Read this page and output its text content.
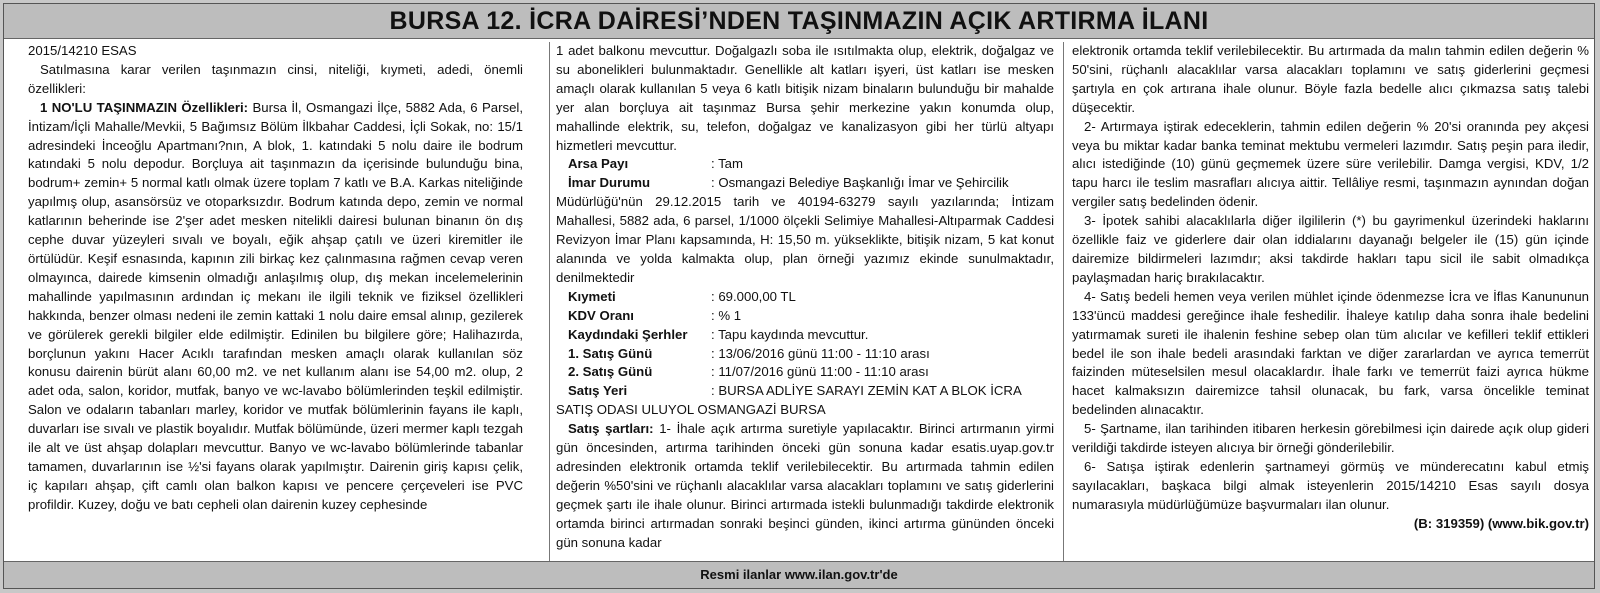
BURSA 12. İCRA DAİRESİ’NDEN TAŞINMAZIN AÇIK ARTIRMA İLANI

2015/14210 ESAS

Satılmasına karar verilen taşınmazın cinsi, niteliği, kıymeti, adedi, önemli özellikleri:

1 NO'LU TAŞINMAZIN Özellikleri: Bursa İl, Osmangazi İlçe, 5882 Ada, 6 Parsel, İntizam/İçli Mahalle/Mevkii, 5 Bağımsız Bölüm İlkbahar Caddesi, İçli Sokak, no: 15/1 adresindeki İnceoğlu Apartmanı?nın, A blok, 1. katındaki 5 nolu daire ile bodrum katındaki 5 nolu depodur. Borçluya ait taşınmazın da içerisinde bulunduğu bina, bodrum+ zemin+ 5 normal katlı olmak üzere toplam 7 katlı ve B.A. Karkas niteliğinde yapılmış olup, asansörsüz ve otoparksızdır. Bodrum katında depo, zemin ve normal katlarının beherinde ise 2'şer adet mesken nitelikli dairesi bulunan binanın ön dış cephe duvar yüzeyleri sıvalı ve boyalı, eğik ahşap çatılı ve üzeri kiremitler ile örtülüdür. Keşif esnasında, kapının zili birkaç kez çalınmasına rağmen cevap veren olmayınca, dairede kimsenin olmadığı anlaşılmış olup, dış mekan incelemelerinin mahallinde yapılmasının ardından iç mekanı ile ilgili teknik ve fiziksel özellikleri hakkında, benzer olması nedeni ile zemin kattaki 1 nolu daire emsal alınıp, gezilerek ve görülerek gerekli bilgiler elde edilmiştir. Edinilen bu bilgilere göre; Halihazırda, borçlunun yakını Hacer Acıklı tarafından mesken amaçlı olarak kullanılan söz konusu dairenin bürüt alanı 60,00 m2. ve net kullanım alanı ise 54,00 m2. olup, 2 adet oda, salon, koridor, mutfak, banyo ve wc-lavabo bölümlerinden teşkil edilmiştir. Salon ve odaların tabanları marley, koridor ve mutfak bölümlerinin fayans ile kaplı, duvarları ise sıvalı ve plastik boyalıdır. Mutfak bölümünde, üzeri mermer kaplı tezgah ile alt ve üst ahşap dolapları mevcuttur. Banyo ve wc-lavabo bölümlerinde tabanlar tamamen, duvarlarının ise ½'si fayans olarak yapılmıştır. Dairenin giriş kapısı çelik, iç kapıları ahşap, çift camlı olan balkon kapısı ve pencere çerçeveleri ise PVC profildir. Kuzey, doğu ve batı cepheli olan dairenin kuzey cephesinde

1 adet balkonu mevcuttur. Doğalgazlı soba ile ısıtılmakta olup, elektrik, doğalgaz ve su abonelikleri bulunmaktadır. Genellikle alt katları işyeri, üst katları ise mesken amaçlı olarak kullanılan 5 veya 6 katlı bitişik nizam binaların bulunduğu bir mahalde yer alan borçluya ait taşınmaz Bursa şehir merkezine yakın konumda olup, mahallinde elektrik, su, telefon, doğalgaz ve kanalizasyon gibi her türlü altyapı hizmetleri mevcuttur.

Arsa Payı	: Tam
İmar Durumu	: Osmangazi Belediye Başkanlığı İmar ve Şehircilik

Müdürlüğü'nün 29.12.2015 tarih ve 40194-63279 sayılı yazılarında; İntizam Mahallesi, 5882 ada, 6 parsel, 1/1000 ölçekli Selimiye Mahallesi-Altıparmak Caddesi Revizyon İmar Planı kapsamında, H: 15,50 m. yükseklikte, bitişik nizam, 5 kat konut alanında ve yolda kalmakta olup, plan örneği yazımız ekinde sunulmaktadır, denilmektedir

Kıymeti	: 69.000,00 TL
KDV Oranı	: % 1
Kaydındaki Şerhler	: Tapu kaydında mevcuttur.
1. Satış Günü	: 13/06/2016 günü 11:00 - 11:10 arası
2. Satış Günü	: 11/07/2016 günü 11:00 - 11:10 arası
Satış Yeri	: BURSA ADLİYE SARAYI ZEMİN KAT A BLOK İCRA

SATIŞ ODASI ULUYOL OSMANGAZİ BURSA

Satış şartları: 1- İhale açık artırma suretiyle yapılacaktır. Birinci artırmanın yirmi gün öncesinden, artırma tarihinden önceki gün sonuna kadar esatis.uyap.gov.tr adresinden elektronik ortamda teklif verilebilecektir. Bu artırmada tahmin edilen değerin %50'sini ve rüçhanlı alacaklılar varsa alacakları toplamını ve satış giderlerini geçmek şartı ile ihale olunur. Birinci artırmada istekli bulunmadığı takdirde elektronik ortamda birinci artırmadan sonraki beşinci günden, ikinci artırma gününden önceki gün sonuna kadar

elektronik ortamda teklif verilebilecektir. Bu artırmada da malın tahmin edilen değerin % 50'sini, rüçhanlı alacaklılar varsa alacakları toplamını ve satış giderlerini geçmesi şartıyla en çok artırana ihale olunur. Böyle fazla bedelle alıcı çıkmazsa satış talebi düşecektir.

2- Artırmaya iştirak edeceklerin, tahmin edilen değerin % 20'si oranında pey akçesi veya bu miktar kadar banka teminat mektubu vermeleri lazımdır. Satış peşin para iledir, alıcı istediğinde (10) günü geçmemek üzere süre verilebilir. Damga vergisi, KDV, 1/2 tapu harcı ile teslim masrafları alıcıya aittir. Tellâliye resmi, taşınmazın aynından doğan vergiler satış bedelinden ödenir.

3- İpotek sahibi alacaklılarla diğer ilgililerin (*) bu gayrimenkul üzerindeki haklarını özellikle faiz ve giderlere dair olan iddialarını dayanağı belgeler ile (15) gün içinde dairemize bildirmeleri lazımdır; aksi takdirde hakları tapu sicil ile sabit olmadıkça paylaşmadan hariç bırakılacaktır.

4- Satış bedeli hemen veya verilen mühlet içinde ödenmezse İcra ve İflas Kanununun 133'üncü maddesi gereğince ihale feshedilir. İhaleye katılıp daha sonra ihale bedelini yatırmamak sureti ile ihalenin feshine sebep olan tüm alıcılar ve kefilleri teklif ettikleri bedel ile son ihale bedeli arasındaki farktan ve diğer zararlardan ve ayrıca temerrüt faizinden müteselsilen mesul olacaklardır. İhale farkı ve temerrüt faizi ayrıca hükme hacet kalmaksızın dairemizce tahsil olunacak, bu fark, varsa öncelikle teminat bedelinden alınacaktır.

5- Şartname, ilan tarihinden itibaren herkesin görebilmesi için dairede açık olup gideri verildiği takdirde isteyen alıcıya bir örneği gönderilebilir.

6- Satışa iştirak edenlerin şartnameyi görmüş ve münderecatını kabul etmiş sayılacakları, başkaca bilgi almak isteyenlerin 2015/14210 Esas sayılı dosya numarasıyla müdürlüğümüze başvurmaları ilan olunur.

(B: 319359) (www.bik.gov.tr)

Resmi ilanlar www.ilan.gov.tr'de
